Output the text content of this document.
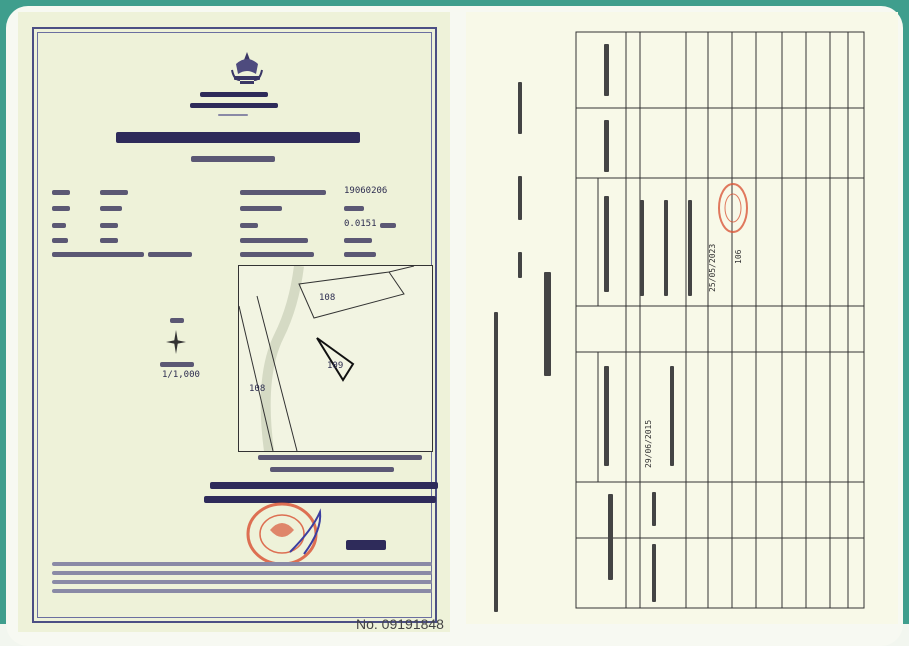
19060206
0.0151
1/1,000
108
109
108
No. 09191848
29/06/2015
25/05/2023 106
